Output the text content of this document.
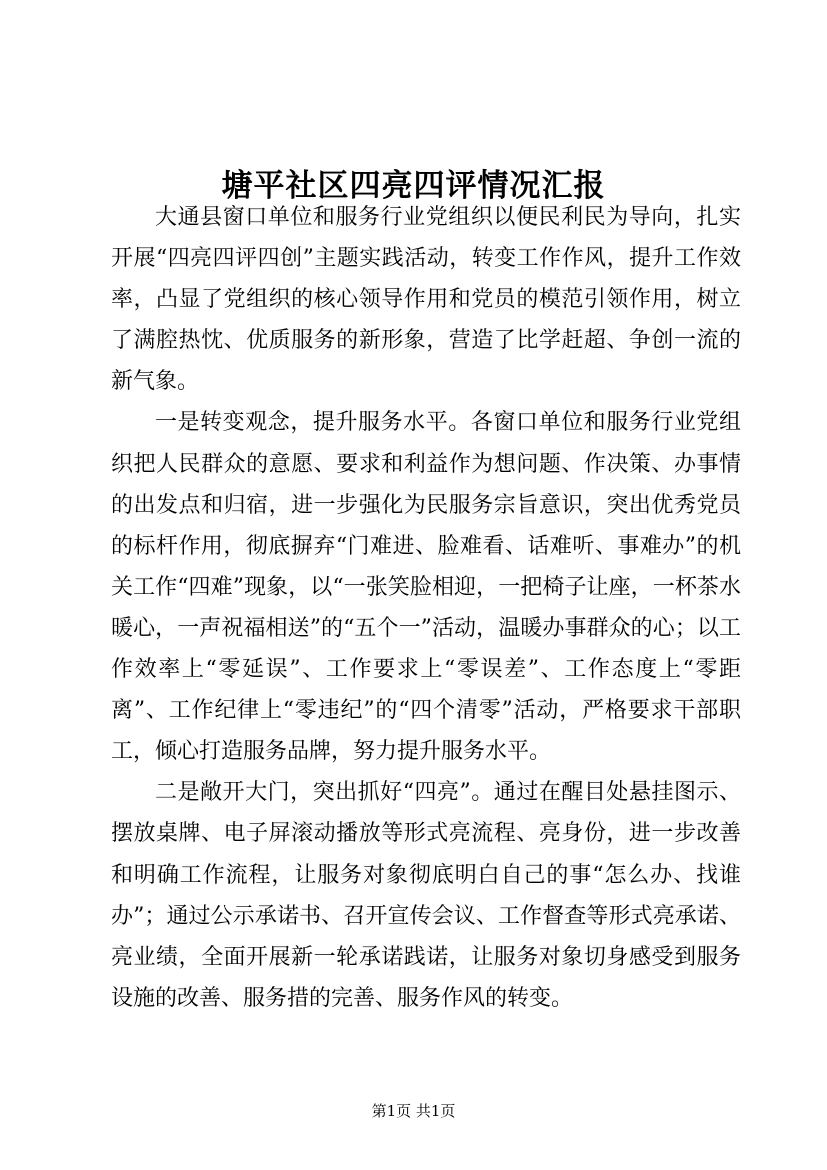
塘平社区四亮四评情况汇报

大通县窗口单位和服务行业党组织以便民利民为导向，扎实开展“四亮四评四创”主题实践活动，转变工作作风，提升工作效率，凸显了党组织的核心领导作用和党员的模范引领作用，树立了满腔热忱、优质服务的新形象，营造了比学赶超、争创一流的新气象。

一是转变观念，提升服务水平。各窗口单位和服务行业党组织把人民群众的意愿、要求和利益作为想问题、作决策、办事情的出发点和归宿，进一步强化为民服务宗旨意识，突出优秀党员的标杆作用，彻底摒弃“门难进、脸难看、话难听、事难办”的机关工作“四难”现象，以“一张笑脸相迎，一把椅子让座，一杯茶水暖心，一声祝福相送”的“五个一”活动，温暖办事群众的心；以工作效率上“零延误”、工作要求上“零误差”、工作态度上“零距离”、工作纪律上“零违纪”的“四个清零”活动，严格要求干部职工，倾心打造服务品牌，努力提升服务水平。

二是敞开大门，突出抓好“四亮”。通过在醒目处悬挂图示、摆放桌牌、电子屏滚动播放等形式亮流程、亮身份，进一步改善和明确工作流程，让服务对象彻底明白自己的事“怎么办、找谁办”；通过公示承诺书、召开宣传会议、工作督查等形式亮承诺、亮业绩，全面开展新一轮承诺践诺，让服务对象切身感受到服务设施的改善、服务措的完善、服务作风的转变。

第1页 共1页
